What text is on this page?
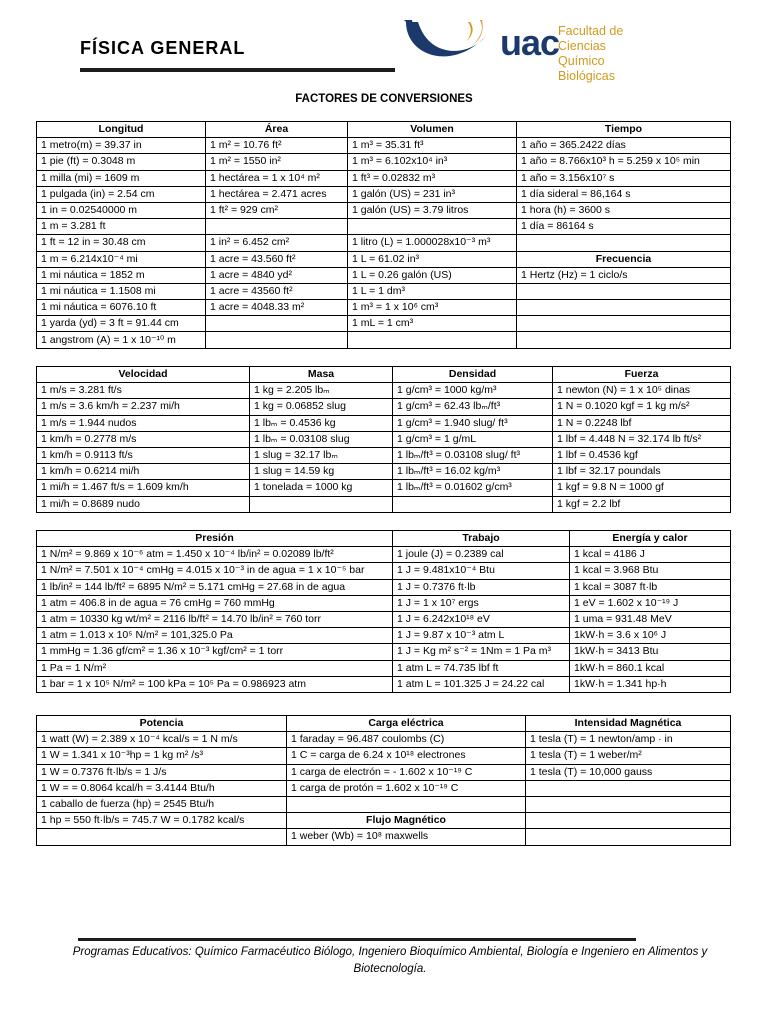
FÍSICA GENERAL	uac
Facultad de Ciencias
Químico Biológicas
FACTORES DE CONVERSIONES
Longitud	Área	Volumen	Tiempo
1 metro(m) = 39.37 in	1 m² = 10.76 ft²	1 m³ = 35.31 ft³	1 año = 365.2422 días
1 pie (ft) = 0.3048 m	1 m² = 1550 in²	1 m³ = 6.102x10⁴ in³	1 año = 8.766x10³ h = 5.259 x 10⁵ min
1 milla (mi) = 1609 m	1 hectárea = 1 x 10⁴ m²	1 ft³ = 0.02832 m³	1 año = 3.156x10⁷ s
1 pulgada (in) = 2.54 cm	1 hectárea = 2.471 acres	1 galón (US) = 231 in³	1 día sideral = 86,164 s
1 in = 0.02540000 m	1 ft² = 929 cm²	1 galón (US) = 3.79 litros	1 hora (h) = 3600 s
1 m = 3.281 ft			1 día = 86164 s
1 ft = 12 in = 30.48 cm	1 in² = 6.452 cm²	1 litro (L) = 1.000028x10⁻³ m³	
1 m = 6.214x10⁻⁴ mi	1 acre = 43.560 ft²	1 L = 61.02 in³	Frecuencia
1 mi náutica = 1852 m	1 acre = 4840 yd²	1 L = 0.26 galón (US)	1 Hertz (Hz) = 1 ciclo/s
1 mi náutica = 1.1508 mi	1 acre = 43560 ft²	1 L = 1 dm³	
1 mi náutica = 6076.10 ft	1 acre = 4048.33 m²	1 m³ = 1 x 10⁶ cm³	
1 yarda (yd) = 3 ft = 91.44 cm		1 mL = 1 cm³	
1 angstrom (A) = 1 x 10⁻¹⁰ m			
Velocidad	Masa	Densidad	Fuerza
1 m/s = 3.281 ft/s	1 kg = 2.205 lbₘ	1 g/cm³ = 1000 kg/m³	1 newton (N) = 1 x 10⁵ dinas
1 m/s = 3.6 km/h = 2.237 mi/h	1 kg = 0.06852 slug	1 g/cm³ = 62.43 lbₘ/ft³	1 N = 0.1020 kgf = 1 kg m/s²
1 m/s = 1.944 nudos	1 lbₘ = 0.4536 kg	1 g/cm³ = 1.940 slug/ ft³	1 N = 0.2248 lbf
1 km/h = 0.2778 m/s	1 lbₘ = 0.03108 slug	1 g/cm³ = 1 g/mL	1 lbf = 4.448 N = 32.174 lb ft/s²
1 km/h = 0.9113 ft/s	1 slug = 32.17 lbₘ	1 lbₘ/ft³ = 0.03108 slug/ ft³	1 lbf = 0.4536 kgf
1 km/h = 0.6214 mi/h	1 slug = 14.59 kg	1 lbₘ/ft³ = 16.02 kg/m³	1 lbf = 32.17 poundals
1 mi/h = 1.467 ft/s = 1.609 km/h	1 tonelada = 1000 kg	1 lbₘ/ft³ = 0.01602 g/cm³	1 kgf = 9.8 N = 1000 gf
1 mi/h = 0.8689 nudo			1 kgf = 2.2 lbf
Presión	Trabajo	Energía y calor
1 N/m² = 9.869 x 10⁻⁶ atm = 1.450 x 10⁻⁴ lb/in² = 0.02089 lb/ft²	1 joule (J) = 0.2389 cal	1 kcal = 4186 J
1 N/m² = 7.501 x 10⁻⁴ cmHg = 4.015 x 10⁻³ in de agua = 1 x 10⁻⁵ bar	1 J = 9.481x10⁻⁴ Btu	1 kcal = 3.968 Btu
1 lb/in² = 144 lb/ft² = 6895 N/m² = 5.171 cmHg = 27.68 in de agua	1 J = 0.7376 ft·lb	1 kcal = 3087 ft·lb
1 atm = 406.8 in de agua = 76 cmHg = 760 mmHg	1 J = 1 x 10⁷ ergs	1 eV = 1.602 x 10⁻¹⁹ J
1 atm = 10330 kg wt/m² = 2116 lb/ft² = 14.70 lb/in² = 760 torr	1 J = 6.242x10¹⁸ eV	1 uma = 931.48 MeV
1 atm = 1.013 x 10⁵ N/m² = 101,325.0 Pa	1 J = 9.87 x 10⁻³ atm L	1kW·h = 3.6 x 10⁶ J
1 mmHg = 1.36 gf/cm² = 1.36 x 10⁻³ kgf/cm² = 1 torr	1 J = Kg m² s⁻² = 1Nm = 1 Pa m³	1kW·h = 3413 Btu
1 Pa = 1 N/m²	1 atm L = 74.735 lbf ft	1kW·h = 860.1 kcal
1 bar = 1 x 10⁵ N/m² = 100 kPa = 10⁵ Pa = 0.986923 atm	1 atm L = 101.325 J = 24.22 cal	1kW·h = 1.341 hp·h
Potencia	Carga eléctrica	Intensidad Magnética
1 watt (W) = 2.389 x 10⁻⁴ kcal/s = 1 N m/s	1 faraday = 96.487 coulombs (C)	1 tesla (T) = 1 newton/amp · in
1 W = 1.341 x 10⁻³hp = 1 kg m² /s³	1 C = carga de 6.24 x 10¹⁸ electrones	1 tesla (T) = 1 weber/m²
1 W = 0.7376 ft·lb/s = 1 J/s	1 carga de electrón = - 1.602 x 10⁻¹⁹ C	1 tesla (T) = 10,000 gauss
1 W = = 0.8064 kcal/h = 3.4144 Btu/h	1 carga de protón = 1.602 x 10⁻¹⁹ C	
1 caballo de fuerza (hp) = 2545 Btu/h		
1 hp = 550 ft·lb/s = 745.7 W = 0.1782 kcal/s	Flujo Magnético	
	1 weber (Wb) = 10⁸ maxwells	
Programas Educativos: Químico Farmacéutico Biólogo, Ingeniero Bioquímico Ambiental, Biología e Ingeniero en Alimentos y Biotecnología.
